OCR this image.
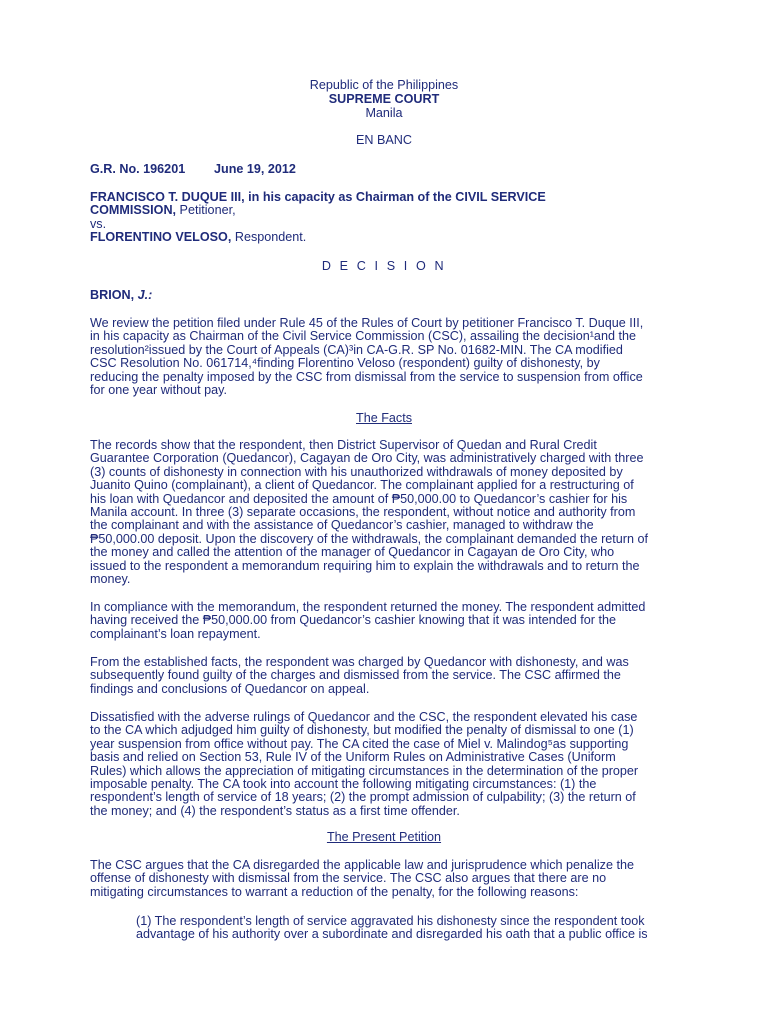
Republic of the Philippines
SUPREME COURT
Manila
EN BANC
G.R. No. 196201 June 19, 2012
FRANCISCO T. DUQUE III, in his capacity as Chairman of the CIVIL SERVICE
COMMISSION, Petitioner,
vs.
FLORENTINO VELOSO, Respondent.
D E C I S I O N
BRION, J.:
We review the petition filed under Rule 45 of the Rules of Court by petitioner Francisco T. Duque III,
in his capacity as Chairman of the Civil Service Commission (CSC), assailing the decision¹and the
resolution²issued by the Court of Appeals (CA)³in CA-G.R. SP No. 01682-MIN. The CA modified
CSC Resolution No. 061714,⁴finding Florentino Veloso (respondent) guilty of dishonesty, by
reducing the penalty imposed by the CSC from dismissal from the service to suspension from office
for one year without pay.
The Facts
The records show that the respondent, then District Supervisor of Quedan and Rural Credit
Guarantee Corporation (Quedancor), Cagayan de Oro City, was administratively charged with three
(3) counts of dishonesty in connection with his unauthorized withdrawals of money deposited by
Juanito Quino (complainant), a client of Quedancor. The complainant applied for a restructuring of
his loan with Quedancor and deposited the amount of ₱50,000.00 to Quedancor’s cashier for his
Manila account. In three (3) separate occasions, the respondent, without notice and authority from
the complainant and with the assistance of Quedancor’s cashier, managed to withdraw the
₱50,000.00 deposit. Upon the discovery of the withdrawals, the complainant demanded the return of
the money and called the attention of the manager of Quedancor in Cagayan de Oro City, who
issued to the respondent a memorandum requiring him to explain the withdrawals and to return the
money.
In compliance with the memorandum, the respondent returned the money. The respondent admitted
having received the ₱50,000.00 from Quedancor’s cashier knowing that it was intended for the
complainant’s loan repayment.
From the established facts, the respondent was charged by Quedancor with dishonesty, and was
subsequently found guilty of the charges and dismissed from the service. The CSC affirmed the
findings and conclusions of Quedancor on appeal.
Dissatisfied with the adverse rulings of Quedancor and the CSC, the respondent elevated his case
to the CA which adjudged him guilty of dishonesty, but modified the penalty of dismissal to one (1)
year suspension from office without pay. The CA cited the case of Miel v. Malindog⁵as supporting
basis and relied on Section 53, Rule IV of the Uniform Rules on Administrative Cases (Uniform
Rules) which allows the appreciation of mitigating circumstances in the determination of the proper
imposable penalty. The CA took into account the following mitigating circumstances: (1) the
respondent’s length of service of 18 years; (2) the prompt admission of culpability; (3) the return of
the money; and (4) the respondent’s status as a first time offender.
The Present Petition
The CSC argues that the CA disregarded the applicable law and jurisprudence which penalize the
offense of dishonesty with dismissal from the service. The CSC also argues that there are no
mitigating circumstances to warrant a reduction of the penalty, for the following reasons:
(1) The respondent’s length of service aggravated his dishonesty since the respondent took
advantage of his authority over a subordinate and disregarded his oath that a public office is
